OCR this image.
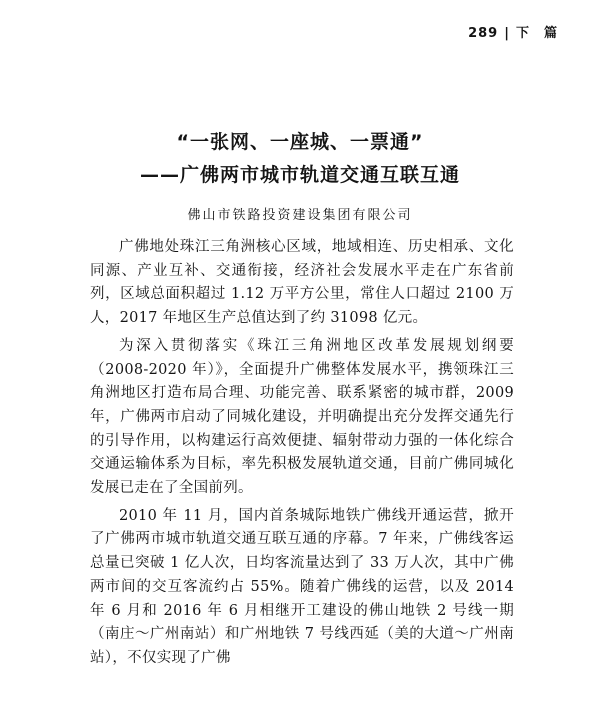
289 | 下　篇
“一张网、一座城、一票通”
——广佛两市城市轨道交通互联互通
佛山市铁路投资建设集团有限公司

广佛地处珠江三角洲核心区域，地域相连、历史相承、文化同源、产业互补、交通衔接，经济社会发展水平走在广东省前列，区域总面积超过 1.12 万平方公里，常住人口超过 2100 万人，2017 年地区生产总值达到了约 31098 亿元。

为深入贯彻落实《珠江三角洲地区改革发展规划纲要（2008-2020 年）》，全面提升广佛整体发展水平，携领珠江三角洲地区打造布局合理、功能完善、联系紧密的城市群，2009 年，广佛两市启动了同城化建设，并明确提出充分发挥交通先行的引导作用，以构建运行高效便捷、辐射带动力强的一体化综合交通运输体系为目标，率先积极发展轨道交通，目前广佛同城化发展已走在了全国前列。

2010 年 11 月，国内首条城际地铁广佛线开通运营，掀开了广佛两市城市轨道交通互联互通的序幕。7 年来，广佛线客运总量已突破 1 亿人次，日均客流量达到了 33 万人次，其中广佛两市间的交互客流约占 55%。随着广佛线的运营，以及 2014 年 6 月和 2016 年 6 月相继开工建设的佛山地铁 2 号线一期（南庄～广州南站）和广州地铁 7 号线西延（美的大道～广州南站），不仅实现了广佛
